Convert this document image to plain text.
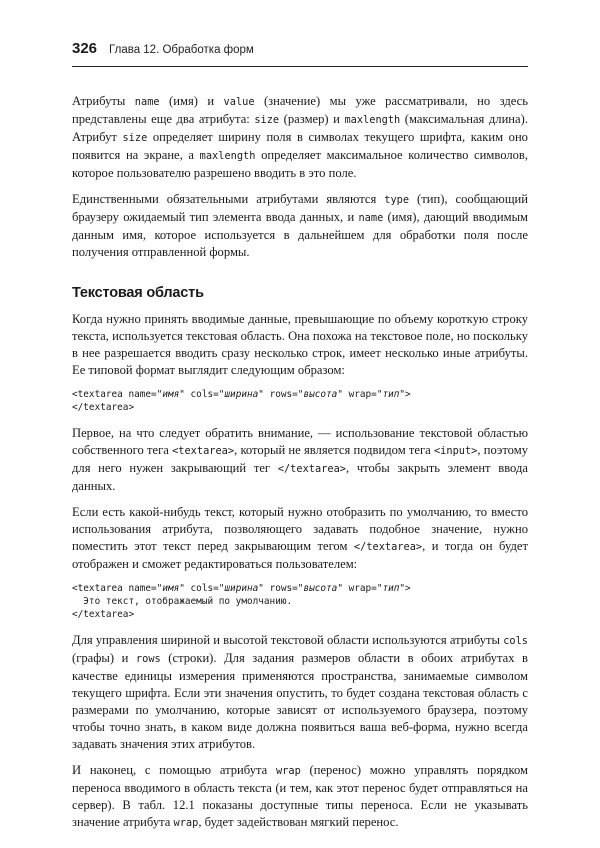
326 Глава 12. Обработка форм

Атрибуты name (имя) и value (значение) мы уже рассматривали, но здесь представлены еще два атрибута: size (размер) и maxlength (максимальная длина). Атрибут size определяет ширину поля в символах текущего шрифта, каким оно появится на экране, а maxlength определяет максимальное количество символов, которое пользователю разрешено вводить в это поле.

Единственными обязательными атрибутами являются type (тип), сообщающий браузеру ожидаемый тип элемента ввода данных, и name (имя), дающий вводимым данным имя, которое используется в дальнейшем для обработки поля после получения отправленной формы.

Текстовая область

Когда нужно принять вводимые данные, превышающие по объему короткую строку текста, используется текстовая область. Она похожа на текстовое поле, но поскольку в нее разрешается вводить сразу несколько строк, имеет несколько иные атрибуты. Ее типовой формат выглядит следующим образом:

<textarea name="имя" cols="ширина" rows="высота" wrap="тип">
</textarea>

Первое, на что следует обратить внимание, — использование текстовой областью собственного тега <textarea>, который не является подвидом тега <input>, поэтому для него нужен закрывающий тег </textarea>, чтобы закрыть элемент ввода данных.

Если есть какой-нибудь текст, который нужно отобразить по умолчанию, то вместо использования атрибута, позволяющего задавать подобное значение, нужно поместить этот текст перед закрывающим тегом </textarea>, и тогда он будет отображен и сможет редактироваться пользователем:

<textarea name="имя" cols="ширина" rows="высота" wrap="тип">
Это текст, отображаемый по умолчанию.
</textarea>

Для управления шириной и высотой текстовой области используются атрибуты cols (графы) и rows (строки). Для задания размеров области в обоих атрибутах в качестве единицы измерения применяются пространства, занимаемые символом текущего шрифта. Если эти значения опустить, то будет создана текстовая область с размерами по умолчанию, которые зависят от используемого браузера, поэтому чтобы точно знать, в каком виде должна появиться ваша веб-форма, нужно всегда задавать значения этих атрибутов.

И наконец, с помощью атрибута wrap (перенос) можно управлять порядком переноса вводимого в область текста (и тем, как этот перенос будет отправляться на сервер). В табл. 12.1 показаны доступные типы переноса. Если не указывать значение атрибута wrap, будет задействован мягкий перенос.
